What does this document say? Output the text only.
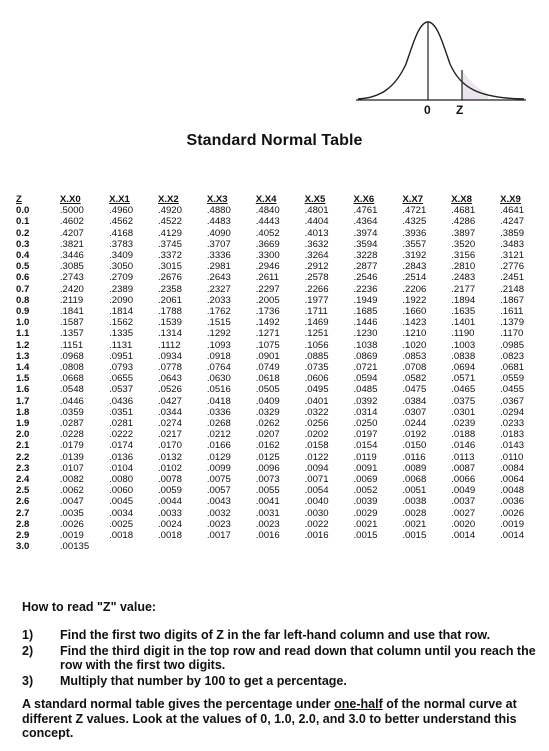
0 Z
Standard Normal Table
Z	X.X0	X.X1	X.X2	X.X3	X.X4	X.X5	X.X6	X.X7	X.X8	X.X9
0.0	.5000	.4960	.4920	.4880	.4840	.4801	.4761	.4721	.4681	.4641
0.1	.4602	.4562	.4522	.4483	.4443	.4404	.4364	.4325	.4286	.4247
0.2	.4207	.4168	.4129	.4090	.4052	.4013	.3974	.3936	.3897	.3859
0.3	.3821	.3783	.3745	.3707	.3669	.3632	.3594	.3557	.3520	.3483
0.4	.3446	.3409	.3372	.3336	.3300	.3264	.3228	.3192	.3156	.3121
0.5	.3085	.3050	.3015	.2981	.2946	.2912	.2877	.2843	.2810	.2776
0.6	.2743	.2709	.2676	.2643	.2611	.2578	.2546	.2514	.2483	.2451
0.7	.2420	.2389	.2358	.2327	.2297	.2266	.2236	.2206	.2177	.2148
0.8	.2119	.2090	.2061	.2033	.2005	.1977	.1949	.1922	.1894	.1867
0.9	.1841	.1814	.1788	.1762	.1736	.1711	.1685	.1660	.1635	.1611
1.0	.1587	.1562	.1539	.1515	.1492	.1469	.1446	.1423	.1401	.1379
1.1	.1357	.1335	.1314	.1292	.1271	.1251	.1230	.1210	.1190	.1170
1.2	.1151	.1131	.1112	.1093	.1075	.1056	.1038	.1020	.1003	.0985
1.3	.0968	.0951	.0934	.0918	.0901	.0885	.0869	.0853	.0838	.0823
1.4	.0808	.0793	.0778	.0764	.0749	.0735	.0721	.0708	.0694	.0681
1.5	.0668	.0655	.0643	.0630	.0618	.0606	.0594	.0582	.0571	.0559
1.6	.0548	.0537	.0526	.0516	.0505	.0495	.0485	.0475	.0465	.0455
1.7	.0446	.0436	.0427	.0418	.0409	.0401	.0392	.0384	.0375	.0367
1.8	.0359	.0351	.0344	.0336	.0329	.0322	.0314	.0307	.0301	.0294
1.9	.0287	.0281	.0274	.0268	.0262	.0256	.0250	.0244	.0239	.0233
2.0	.0228	.0222	.0217	.0212	.0207	.0202	.0197	.0192	.0188	.0183
2.1	.0179	.0174	.0170	.0166	.0162	.0158	.0154	.0150	.0146	.0143
2.2	.0139	.0136	.0132	.0129	.0125	.0122	.0119	.0116	.0113	.0110
2.3	.0107	.0104	.0102	.0099	.0096	.0094	.0091	.0089	.0087	.0084
2.4	.0082	.0080	.0078	.0075	.0073	.0071	.0069	.0068	.0066	.0064
2.5	.0062	.0060	.0059	.0057	.0055	.0054	.0052	.0051	.0049	.0048
2.6	.0047	.0045	.0044	.0043	.0041	.0040	.0039	.0038	.0037	.0036
2.7	.0035	.0034	.0033	.0032	.0031	.0030	.0029	.0028	.0027	.0026
2.8	.0026	.0025	.0024	.0023	.0023	.0022	.0021	.0021	.0020	.0019
2.9	.0019	.0018	.0018	.0017	.0016	.0016	.0015	.0015	.0014	.0014
3.0	.00135									
How to read "Z" value:
1)	Find the first two digits of Z in the far left-hand column and use that row.
2)	Find the third digit in the top row and read down that column until you reach the row with the first two digits.
3)	Multiply that number by 100 to get a percentage.
A standard normal table gives the percentage under one-half of the normal curve at different Z values. Look at the values of 0, 1.0, 2.0, and 3.0 to better understand this concept.
